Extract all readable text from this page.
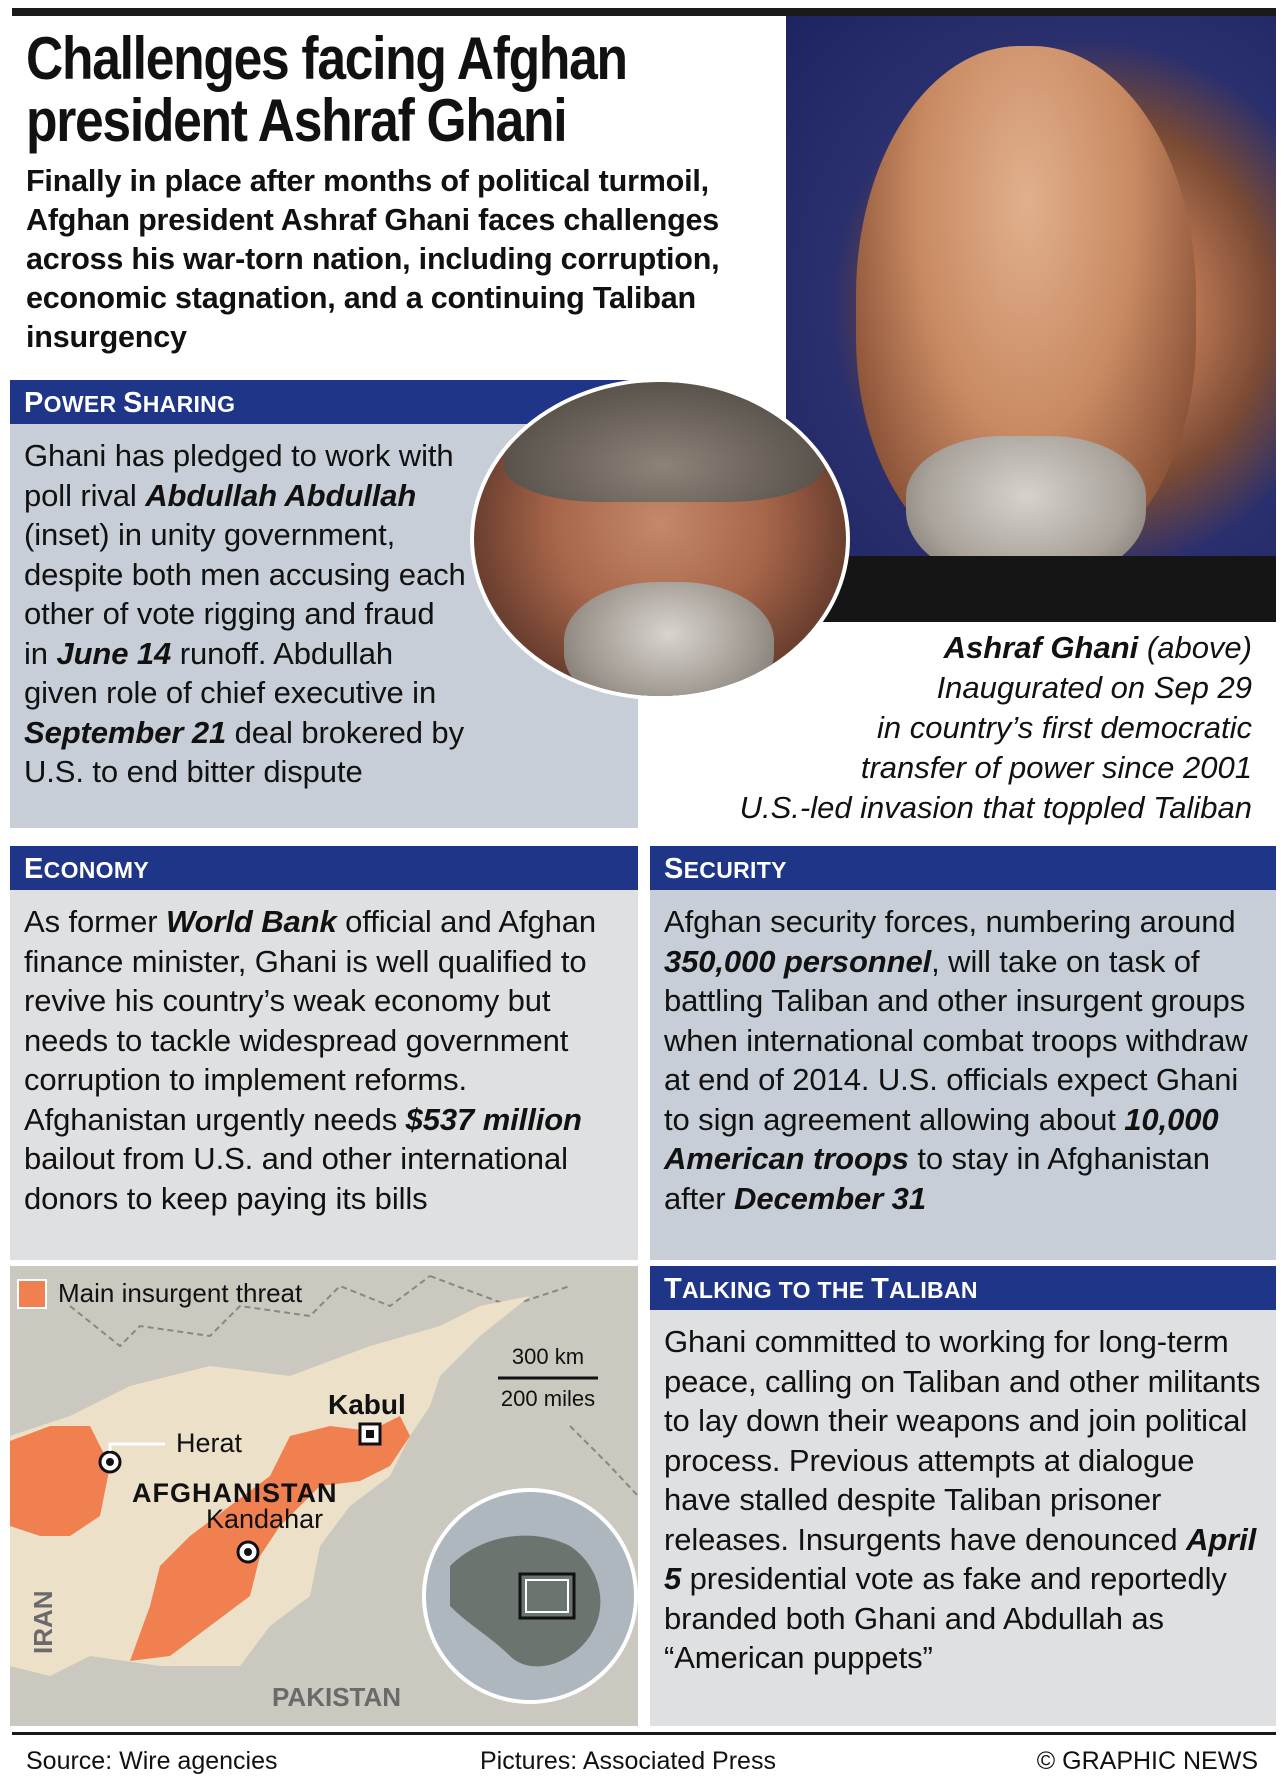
Challenges facing Afghan
president Ashraf Ghani
Finally in place after months of political turmoil, Afghan president Ashraf Ghani faces challenges across his war-torn nation, including corruption, economic stagnation, and a continuing Taliban insurgency
POWER SHARING
Ghani has pledged to work with poll rival Abdullah Abdullah (inset) in unity government, despite both men accusing each other of vote rigging and fraud in June 14 runoff. Abdullah given role of chief executive in September 21 deal brokered by U.S. to end bitter dispute
Ashraf Ghani (above)
Inaugurated on Sep 29
in country’s first democratic
transfer of power since 2001
U.S.-led invasion that toppled Taliban
ECONOMY
As former World Bank official and Afghan finance minister, Ghani is well qualified to revive his country’s weak economy but needs to tackle widespread government corruption to implement reforms. Afghanistan urgently needs $537 million bailout from U.S. and other international donors to keep paying its bills
SECURITY
Afghan security forces, numbering around 350,000 personnel, will take on task of battling Taliban and other insurgent groups when international combat troops withdraw at end of 2014. U.S. officials expect Ghani to sign agreement allowing about 10,000 American troops to stay in Afghanistan after December 31
TALKING TO THE TALIBAN
Ghani committed to working for long-term peace, calling on Taliban and other militants to lay down their weapons and join political process. Previous attempts at dialogue have stalled despite Taliban prisoner releases. Insurgents have denounced April 5 presidential vote as fake and reportedly branded both Ghani and Abdullah as “American puppets”
Main insurgent threat
300 km
200 miles
Herat
Kabul
AFGHANISTAN
Kandahar
PAKISTAN
IRAN
Source: Wire agencies	Pictures: Associated Press	© GRAPHIC NEWS
